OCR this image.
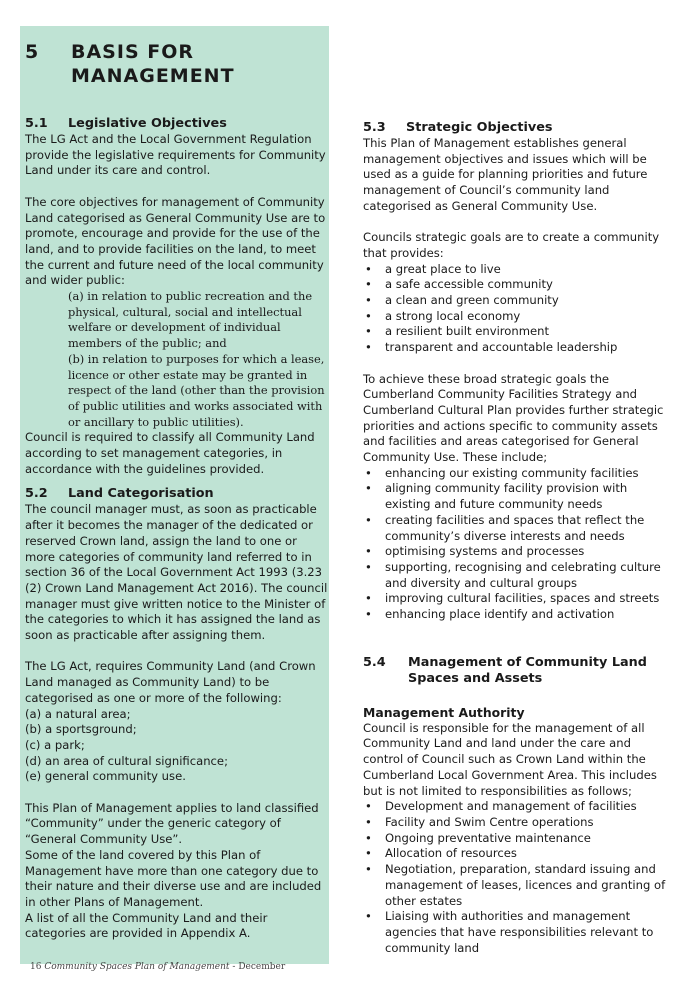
5	BASIS FOR
MANAGEMENT
5.1	Legislative Objectives

The LG Act and the Local Government Regulation provide the legislative requirements for Community Land under its care and control.

The core objectives for management of Community Land categorised as General Community Use are to promote, encourage and provide for the use of the land, and to provide facilities on the land, to meet the current and future need of the local community and wider public:

(a) in relation to public recreation and the physical, cultural, social and intellectual welfare or development of individual members of the public; and

(b) in relation to purposes for which a lease, licence or other estate may be granted in respect of the land (other than the provision of public utilities and works associated with or ancillary to public utilities).

Council is required to classify all Community Land according to set management categories, in accordance with the guidelines provided.

5.2	Land Categorisation

The council manager must, as soon as practicable after it becomes the manager of the dedicated or reserved Crown land, assign the land to one or more categories of community land referred to in section 36 of the Local Government Act 1993 (3.23 (2) Crown Land Management Act 2016). The council manager must give written notice to the Minister of the categories to which it has assigned the land as soon as practicable after assigning them.

The LG Act, requires Community Land (and Crown Land managed as Community Land) to be categorised as one or more of the following:

(a) a natural area;
(b) a sportsground;
(c) a park;
(d) an area of cultural significance;
(e) general community use.

This Plan of Management applies to land classified “Community” under the generic category of “General Community Use”.

Some of the land covered by this Plan of Management have more than one category due to their nature and their diverse use and are included in other Plans of Management.

A list of all the Community Land and their categories are provided in Appendix A.

5.3	Strategic Objectives

This Plan of Management establishes general management objectives and issues which will be used as a guide for planning priorities and future management of Council’s community land categorised as General Community Use.

Councils strategic goals are to create a community that provides:

• a great place to live
• a safe accessible community
• a clean and green community
• a strong local economy
• a resilient built environment
• transparent and accountable leadership

To achieve these broad strategic goals the Cumberland Community Facilities Strategy and Cumberland Cultural Plan provides further strategic priorities and actions specific to community assets and facilities and areas categorised for General Community Use. These include;

• enhancing our existing community facilities
• aligning community facility provision with existing and future community needs
• creating facilities and spaces that reflect the community’s diverse interests and needs
• optimising systems and processes
• supporting, recognising and celebrating culture and diversity and cultural groups
• improving cultural facilities, spaces and streets
• enhancing place identify and activation
5.4	Management of Community Land
Spaces and Assets
Management Authority

Council is responsible for the management of all Community Land and land under the care and control of Council such as Crown Land within the Cumberland Local Government Area. This includes but is not limited to responsibilities as follows;

• Development and management of facilities
• Facility and Swim Centre operations
• Ongoing preventative maintenance
• Allocation of resources
• Negotiation, preparation, standard issuing and management of leases, licences and granting of other estates
• Liaising with authorities and management agencies that have responsibilities relevant to community land
16 Community Spaces Plan of Management - December
